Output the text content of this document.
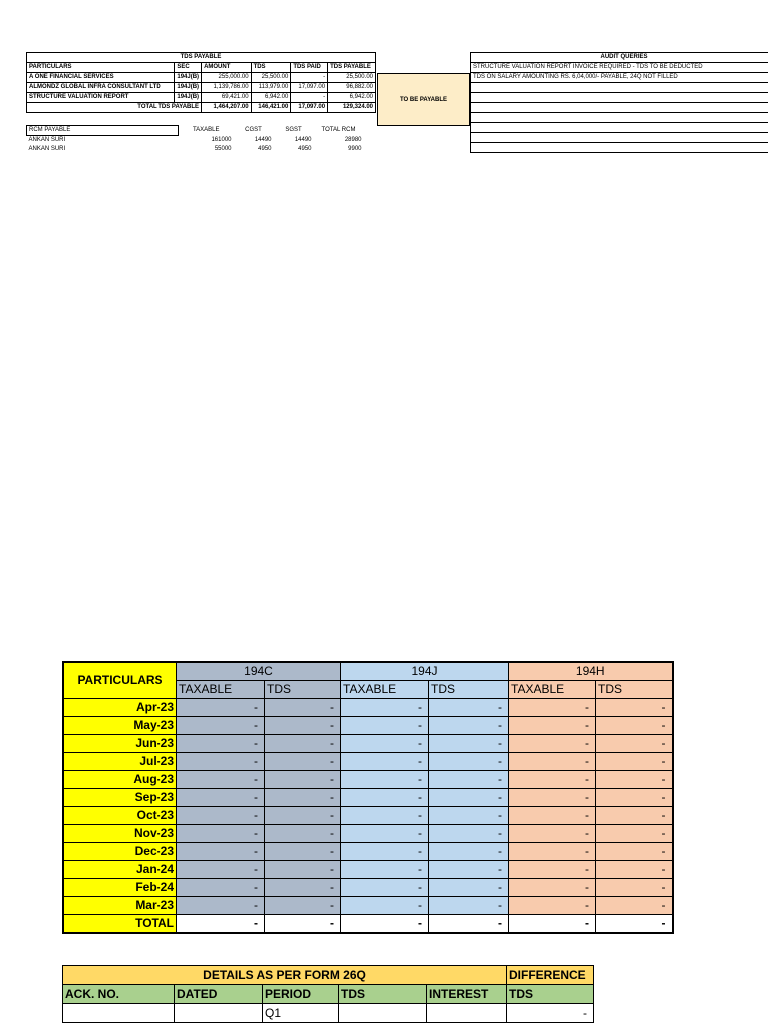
TDS PAYABLE					
PARTICULARS	SEC	AMOUNT	TDS	TDS PAID	TDS PAYABLE
A ONE FINANCIAL SERVICES	194J(B)	255,000.00	25,500.00	-	25,500.00
ALMONDZ GLOBAL INFRA CONSULTANT LTD	194J(B)	1,139,786.00	113,979.00	17,097.00	96,882.00
STRUCTURE VALUATION REPORT	194J(B)	69,421.00	6,942.00	-	6,942.00
TOTAL TDS PAYABLE		1,464,207.00	146,421.00	17,097.00	129,324.00
TO BE PAYABLE
AUDIT QUERIES
STRUCTURE VALUATION REPORT INVOICE REQUIRED - TDS TO BE DEDUCTED
TDS ON SALARY AMOUNTING RS. 6,04,000/- PAYABLE, 24Q NOT FILLED

RCM PAYABLE	TAXABLE	CGST	SGST	TOTAL RCM
ANKAN SURI	161000	14490	14490	28980
ANKAN SURI	55000	4950	4950	9900
PARTICULARS	194C		194J		194H	
	TAXABLE	TDS	TAXABLE	TDS	TAXABLE	TDS
Apr-23	-	-	-	-	-	-
May-23	-	-	-	-	-	-
Jun-23	-	-	-	-	-	-
Jul-23	-	-	-	-	-	-
Aug-23	-	-	-	-	-	-
Sep-23	-	-	-	-	-	-
Oct-23	-	-	-	-	-	-
Nov-23	-	-	-	-	-	-
Dec-23	-	-	-	-	-	-
Jan-24	-	-	-	-	-	-
Feb-24	-	-	-	-	-	-
Mar-23	-	-	-	-	-	-
TOTAL	-	-	-	-	-	-
DETAILS AS PER FORM 26Q					DIFFERENCE
ACK. NO.	DATED	PERIOD	TDS	INTEREST	TDS
		Q1			-
